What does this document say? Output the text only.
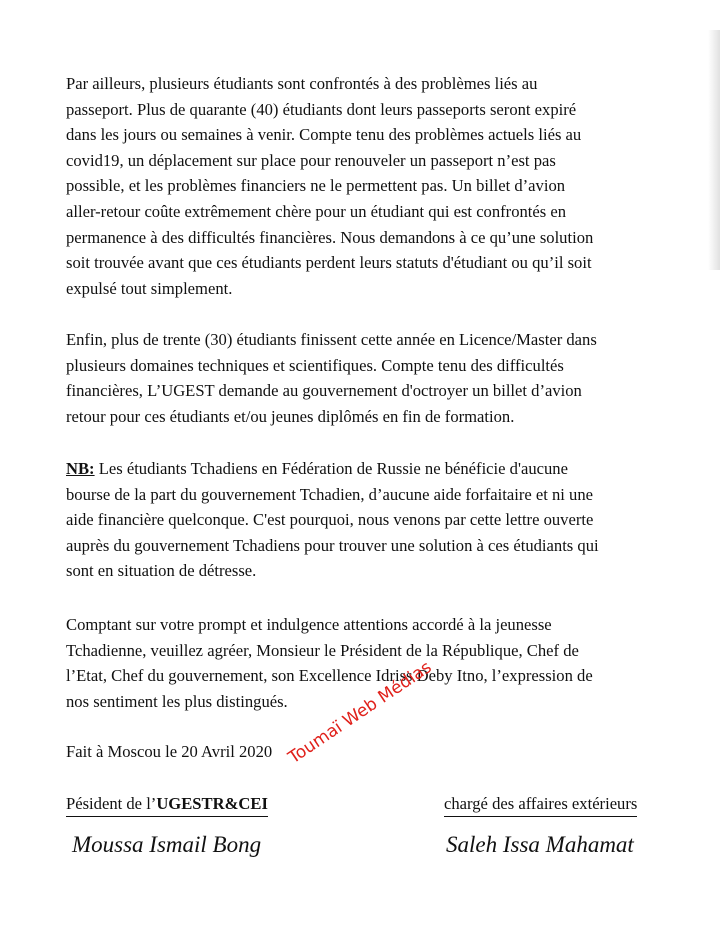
Par ailleurs, plusieurs étudiants sont confrontés à des problèmes liés au
passeport. Plus de quarante (40) étudiants dont leurs passeports seront expiré
dans les jours ou semaines à venir. Compte tenu des problèmes actuels liés au
covid19, un déplacement sur place pour renouveler un passeport n’est pas
possible, et les problèmes financiers ne le permettent pas. Un billet d’avion
aller-retour coûte extrêmement chère pour un étudiant qui est confrontés en
permanence à des difficultés financières. Nous demandons à ce qu’une solution
soit trouvée avant que ces étudiants perdent leurs statuts d'étudiant ou qu’il soit
expulsé tout simplement.

Enfin, plus de trente (30) étudiants finissent cette année en Licence/Master dans
plusieurs domaines techniques et scientifiques. Compte tenu des difficultés
financières, L’UGEST demande au gouvernement d'octroyer un billet d’avion
retour pour ces étudiants et/ou jeunes diplômés en fin de formation.

NB: Les étudiants Tchadiens en Fédération de Russie ne bénéficie d'aucune
bourse de la part du gouvernement Tchadien, d’aucune aide forfaitaire et ni une
aide financière quelconque. C'est pourquoi, nous venons par cette lettre ouverte
auprès du gouvernement Tchadiens pour trouver une solution à ces étudiants qui
sont en situation de détresse.

Comptant sur votre prompt et indulgence attentions accordé à la jeunesse
Tchadienne, veuillez agréer, Monsieur le Président de la République, Chef de
l’Etat, Chef du gouvernement, son Excellence Idriss Deby Itno, l’expression de
nos sentiment les plus distingués.

Fait à Moscou le 20 Avril 2020
Pésident de l’UGESTR&CEI	chargé des affaires extérieurs
Moussa Ismail Bong	Saleh Issa Mahamat
Toumaï Web Médias
